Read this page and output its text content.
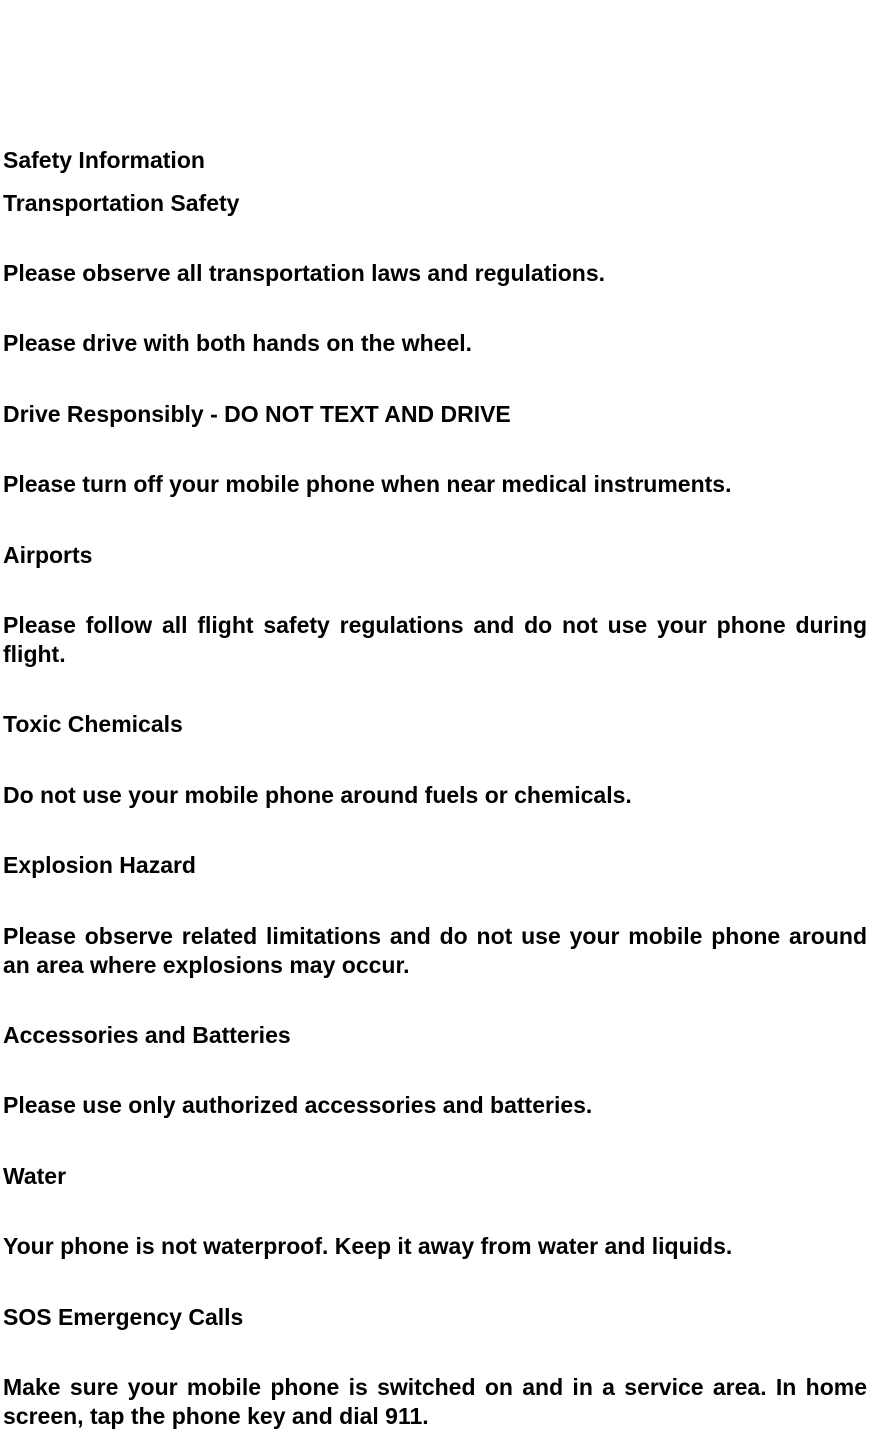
Safety Information
Transportation Safety
Please observe all transportation laws and regulations.
Please drive with both hands on the wheel.
Drive Responsibly - DO NOT TEXT AND DRIVE
Please turn off your mobile phone when near medical instruments.
Airports
Please follow all flight safety regulations and do not use your phone during flight.
Toxic Chemicals
Do not use your mobile phone around fuels or chemicals.
Explosion Hazard
Please observe related limitations and do not use your mobile phone around an area where explosions may occur.
Accessories and Batteries
Please use only authorized accessories and batteries.
Water
Your phone is not waterproof. Keep it away from water and liquids.
SOS Emergency Calls
Make sure your mobile phone is switched on and in a service area. In home screen, tap the phone key and dial 911.
